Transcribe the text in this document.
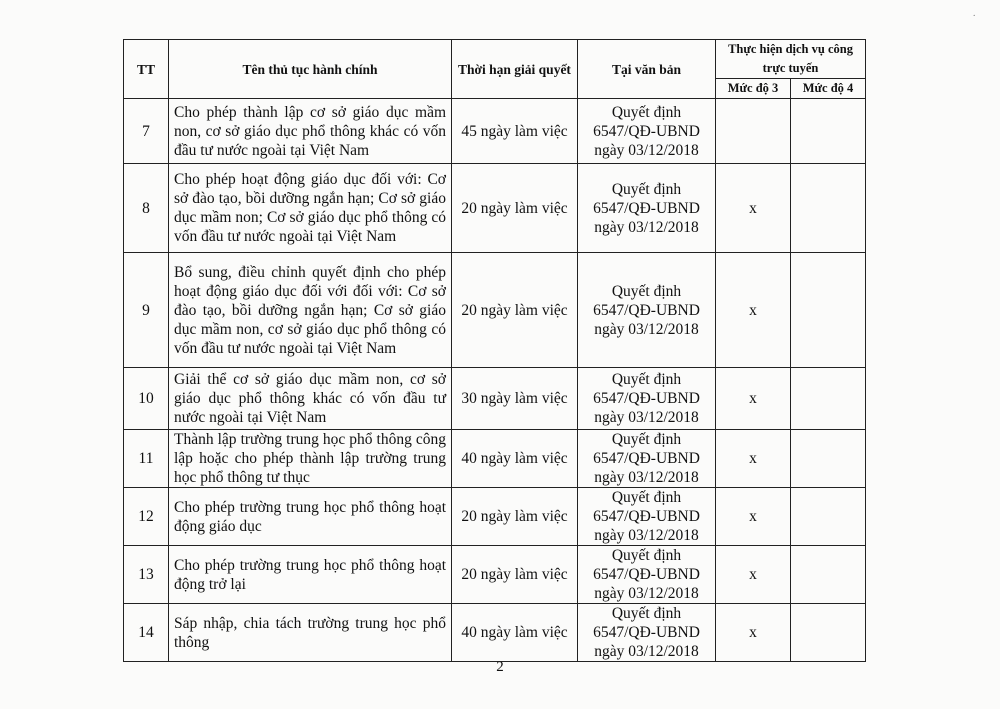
TT	Tên thủ tục hành chính	Thời hạn giải quyết	Tại văn bản	Thực hiện dịch vụ công trực tuyến	
				Mức độ 3	Mức độ 4
7	Cho phép thành lập cơ sở giáo dục mầm non, cơ sở giáo dục phổ thông khác có vốn đầu tư nước ngoài tại Việt Nam	45 ngày làm việc	Quyết định
6547/QĐ-UBND
ngày 03/12/2018		

8	Cho phép hoạt động giáo dục đối với: Cơ sở đào tạo, bồi dưỡng ngắn hạn; Cơ sở giáo dục mầm non; Cơ sở giáo dục phổ thông có vốn đầu tư nước ngoài tại Việt Nam	20 ngày làm việc	Quyết định
6547/QĐ-UBND
ngày 03/12/2018	x	
9	Bổ sung, điều chỉnh quyết định cho phép hoạt động giáo dục đối với đối với: Cơ sở đào tạo, bồi dưỡng ngắn hạn; Cơ sở giáo dục mầm non, cơ sở giáo dục phổ thông có vốn đầu tư nước ngoài tại Việt Nam	20 ngày làm việc	Quyết định
6547/QĐ-UBND
ngày 03/12/2018	x	
10	Giải thể cơ sở giáo dục mầm non, cơ sở giáo dục phổ thông khác có vốn đầu tư nước ngoài tại Việt Nam	30 ngày làm việc	Quyết định
6547/QĐ-UBND
ngày 03/12/2018	x	
11	Thành lập trường trung học phổ thông công lập hoặc cho phép thành lập trường trung học phổ thông tư thục	40 ngày làm việc	Quyết định
6547/QĐ-UBND
ngày 03/12/2018	x	
12	Cho phép trường trung học phổ thông hoạt động giáo dục	20 ngày làm việc	Quyết định
6547/QĐ-UBND
ngày 03/12/2018	x	
13	Cho phép trường trung học phổ thông hoạt động trở lại	20 ngày làm việc	Quyết định
6547/QĐ-UBND
ngày 03/12/2018	x	
14	Sáp nhập, chia tách trường trung học phổ thông	40 ngày làm việc	Quyết định
6547/QĐ-UBND
ngày 03/12/2018	x	
2
·
